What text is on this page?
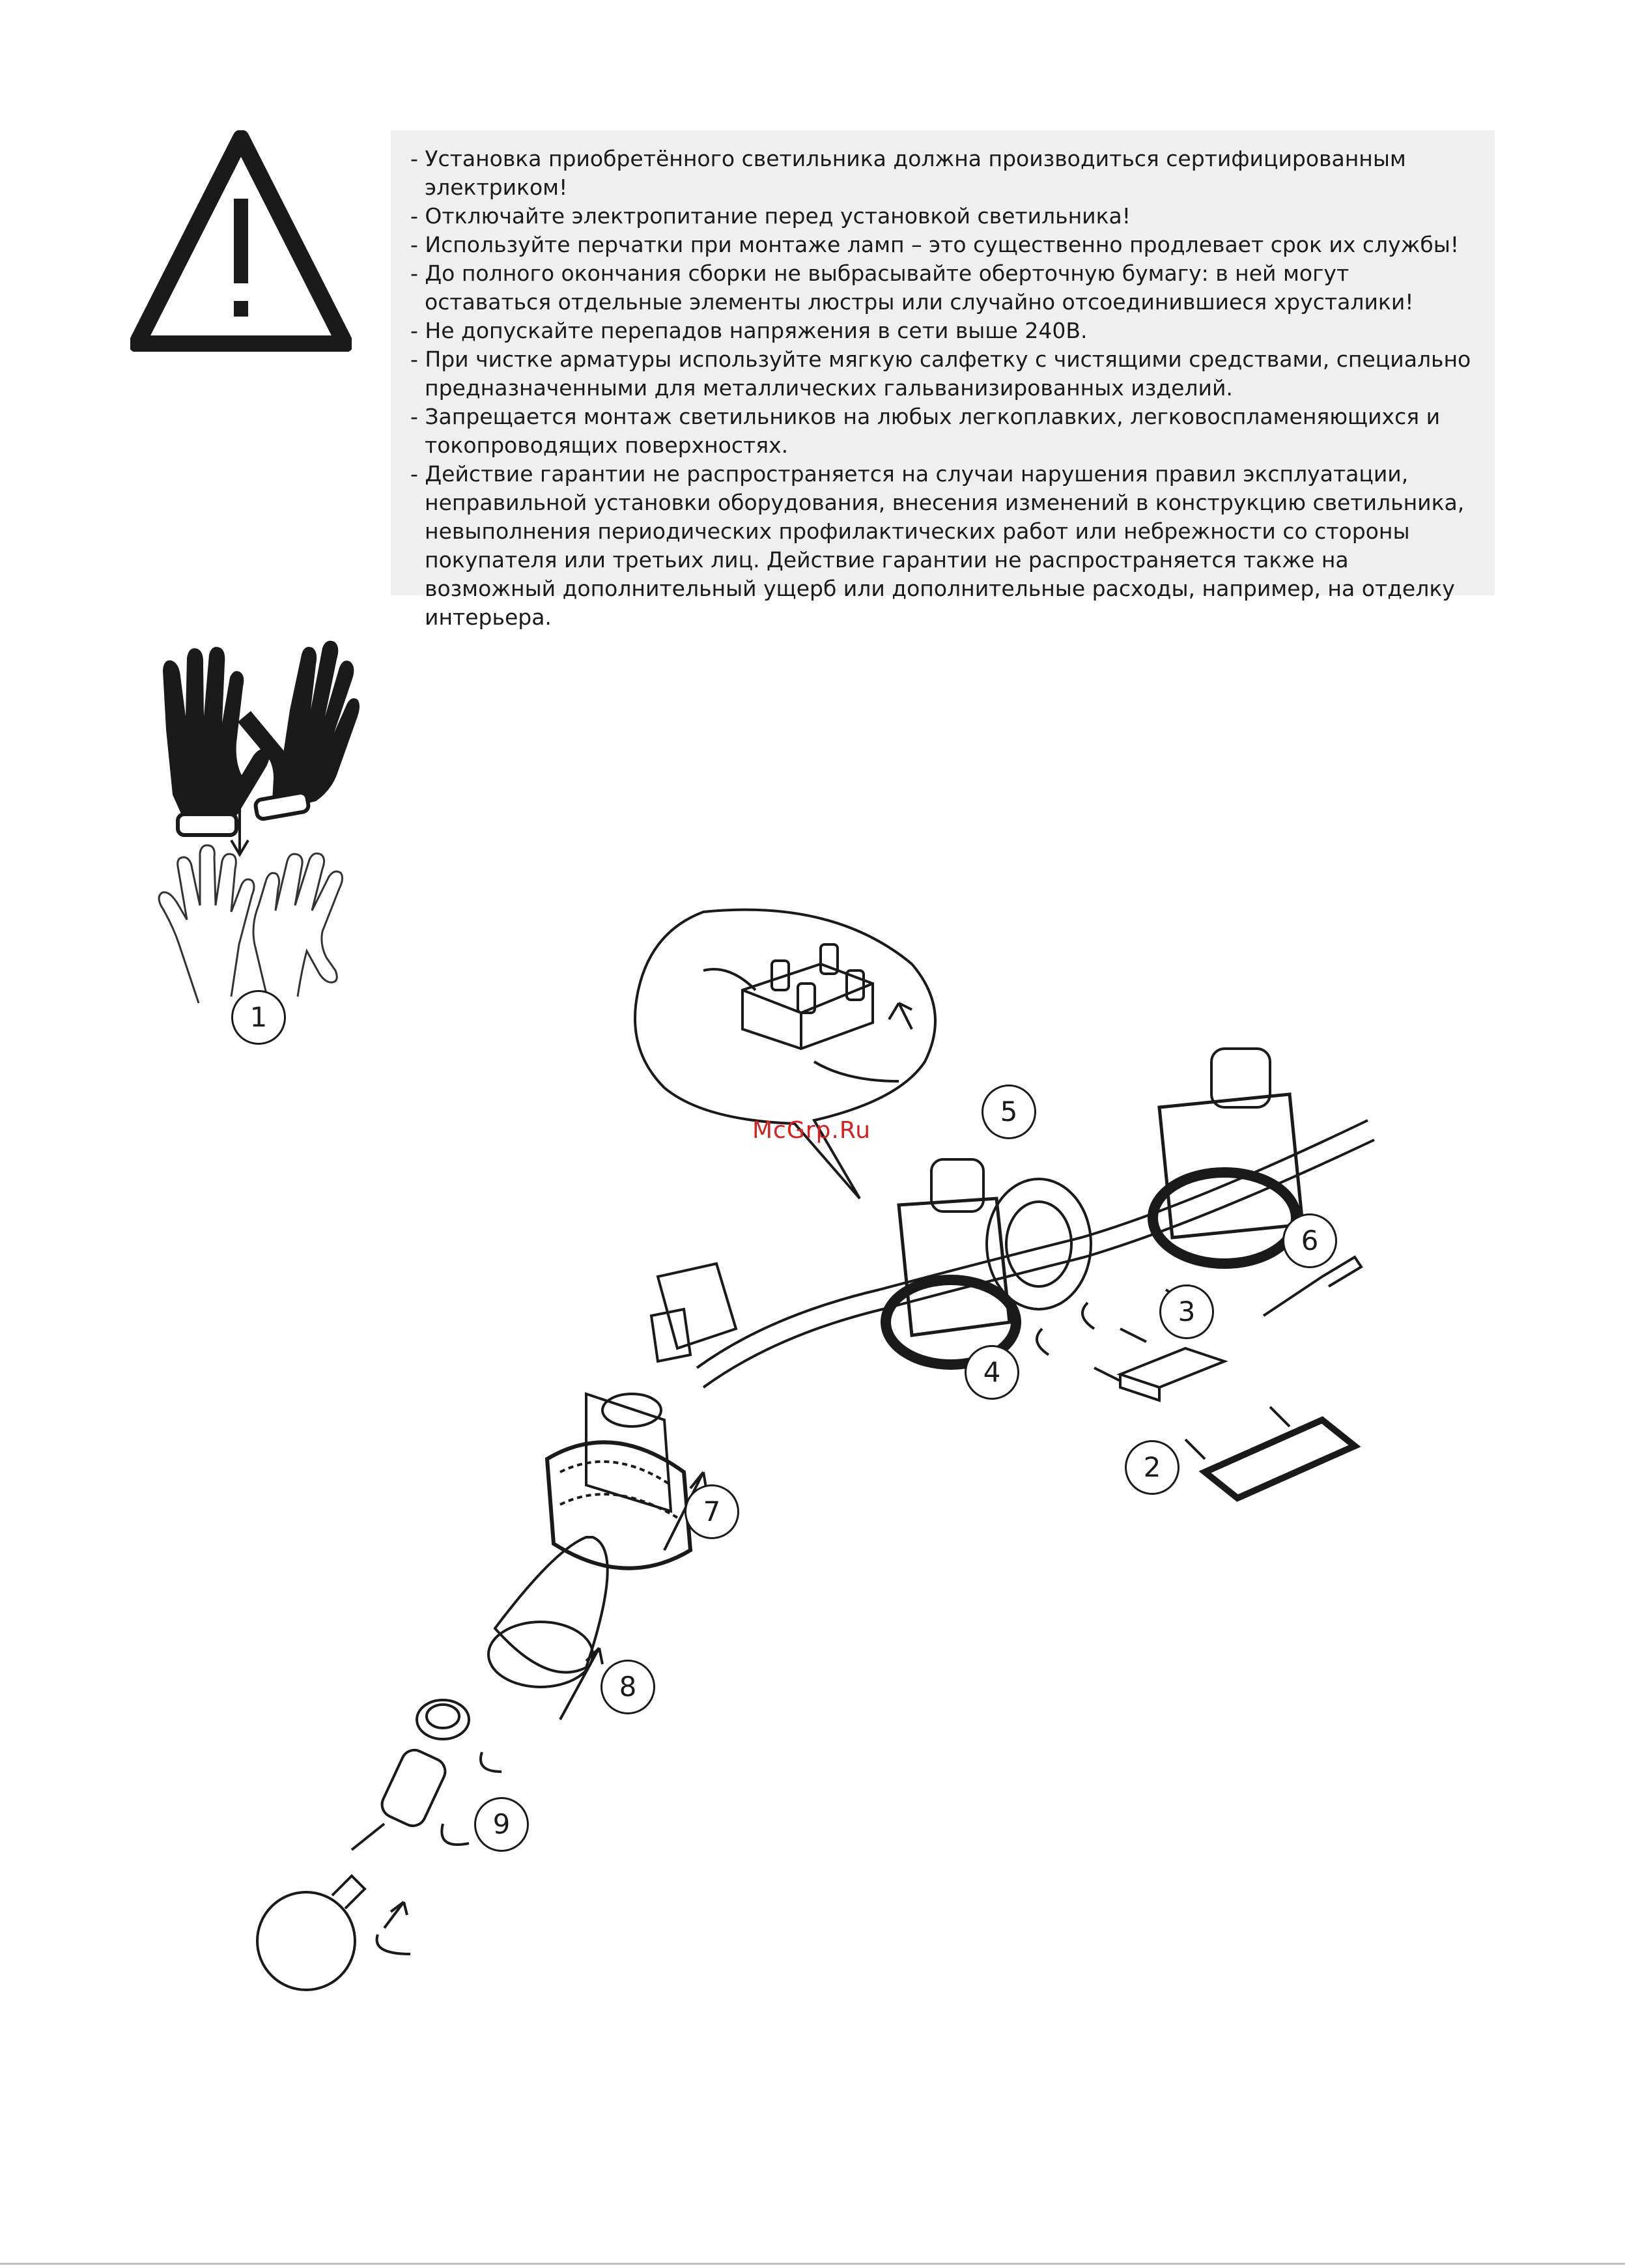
- Установка приобретённого светильника должна производиться сертифицированным электриком!
- Отключайте электропитание перед установкой светильника!
- Используйте перчатки при монтаже ламп – это существенно продлевает срок их службы!
- До полного окончания сборки не выбрасывайте оберточную бумагу: в ней могут оставаться отдельные элементы люстры или случайно отсоединившиеся хрусталики!
- Не допускайте перепадов напряжения в сети выше 240В.
- При чистке арматуры используйте мягкую салфетку с чистящими средствами, специально предназначенными для металлических гальванизированных изделий.
- Запрещается монтаж светильников на любых легкоплавких, легковоспламеняющихся и токопроводящих поверхностях.
- Действие гарантии не распространяется на случаи нарушения правил эксплуатации, неправильной установки оборудования, внесения изменений в конструкцию светильника, невыполнения периодических профилактических работ или небрежности со стороны покупателя или третьих лиц. Действие гарантии не распространяется также на возможный дополнительный ущерб или дополнительные расходы, например, на отделку интерьера.
1
2
3
4
5
6
7
8
9
McGrp.Ru
